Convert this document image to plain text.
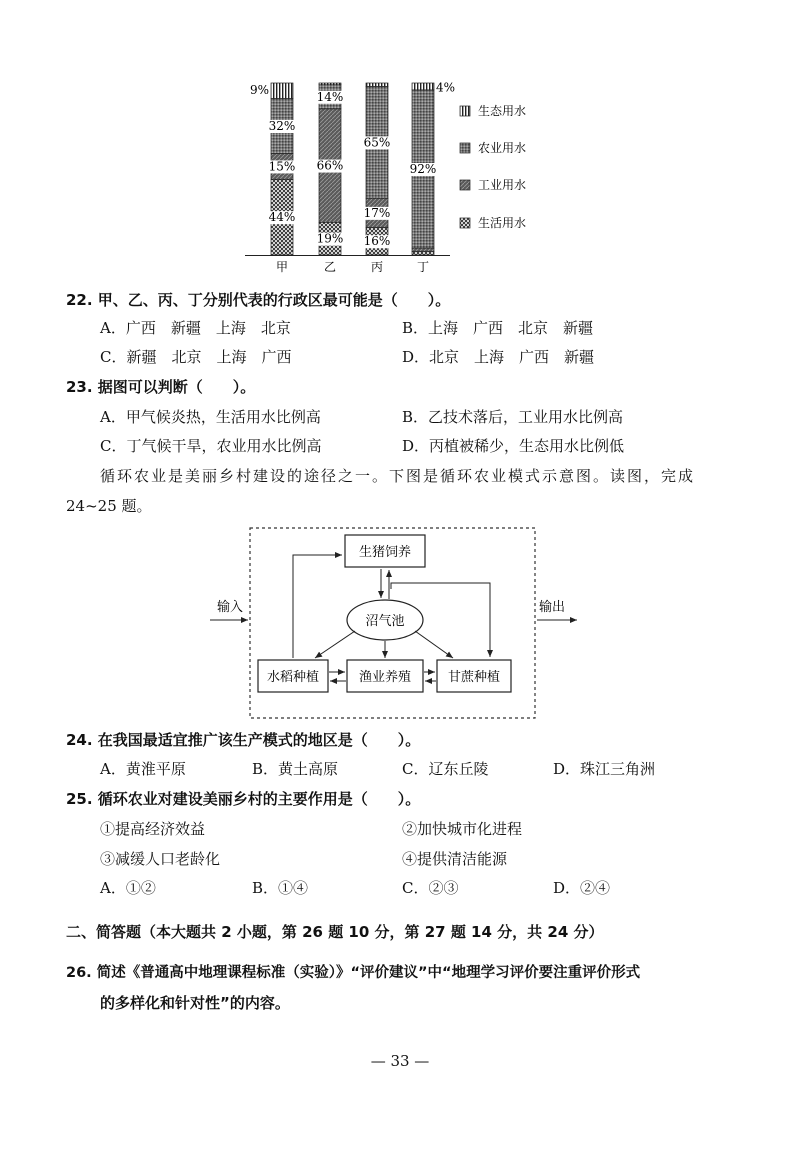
9%
32%
15%
44%
14%
66%
19%
65%
17%
16%
4%
92%
甲	乙	丙	丁
生态用水
农业用水
工业用水
生活用水
22. 甲、乙、丙、丁分别代表的行政区最可能是（　　）。
A．广西　新疆　上海　北京	B．上海　广西　北京　新疆
C．新疆　北京　上海　广西	D．北京　上海　广西　新疆
23. 据图可以判断（　　）。
A．甲气候炎热，生活用水比例高	B．乙技术落后，工业用水比例高
C．丁气候干旱，农业用水比例高	D．丙植被稀少，生态用水比例低
循环农业是美丽乡村建设的途径之一。下图是循环农业模式示意图。读图，完成
24~25 题。
生猪饲养
沼气池
水稻种植	渔业养殖	甘蔗种植
输入	输出
24. 在我国最适宜推广该生产模式的地区是（　　）。
A．黄淮平原	B．黄土高原	C．辽东丘陵	D．珠江三角洲
25. 循环农业对建设美丽乡村的主要作用是（　　）。
①提高经济效益	②加快城市化进程
③减缓人口老龄化	④提供清洁能源
A．①②	B．①④	C．②③	D．②④
二、简答题（本大题共 2 小题，第 26 题 10 分，第 27 题 14 分，共 24 分）
26. 简述《普通高中地理课程标准（实验）》“评价建议”中“地理学习评价要注重评价形式
的多样化和针对性”的内容。
— 33 —
